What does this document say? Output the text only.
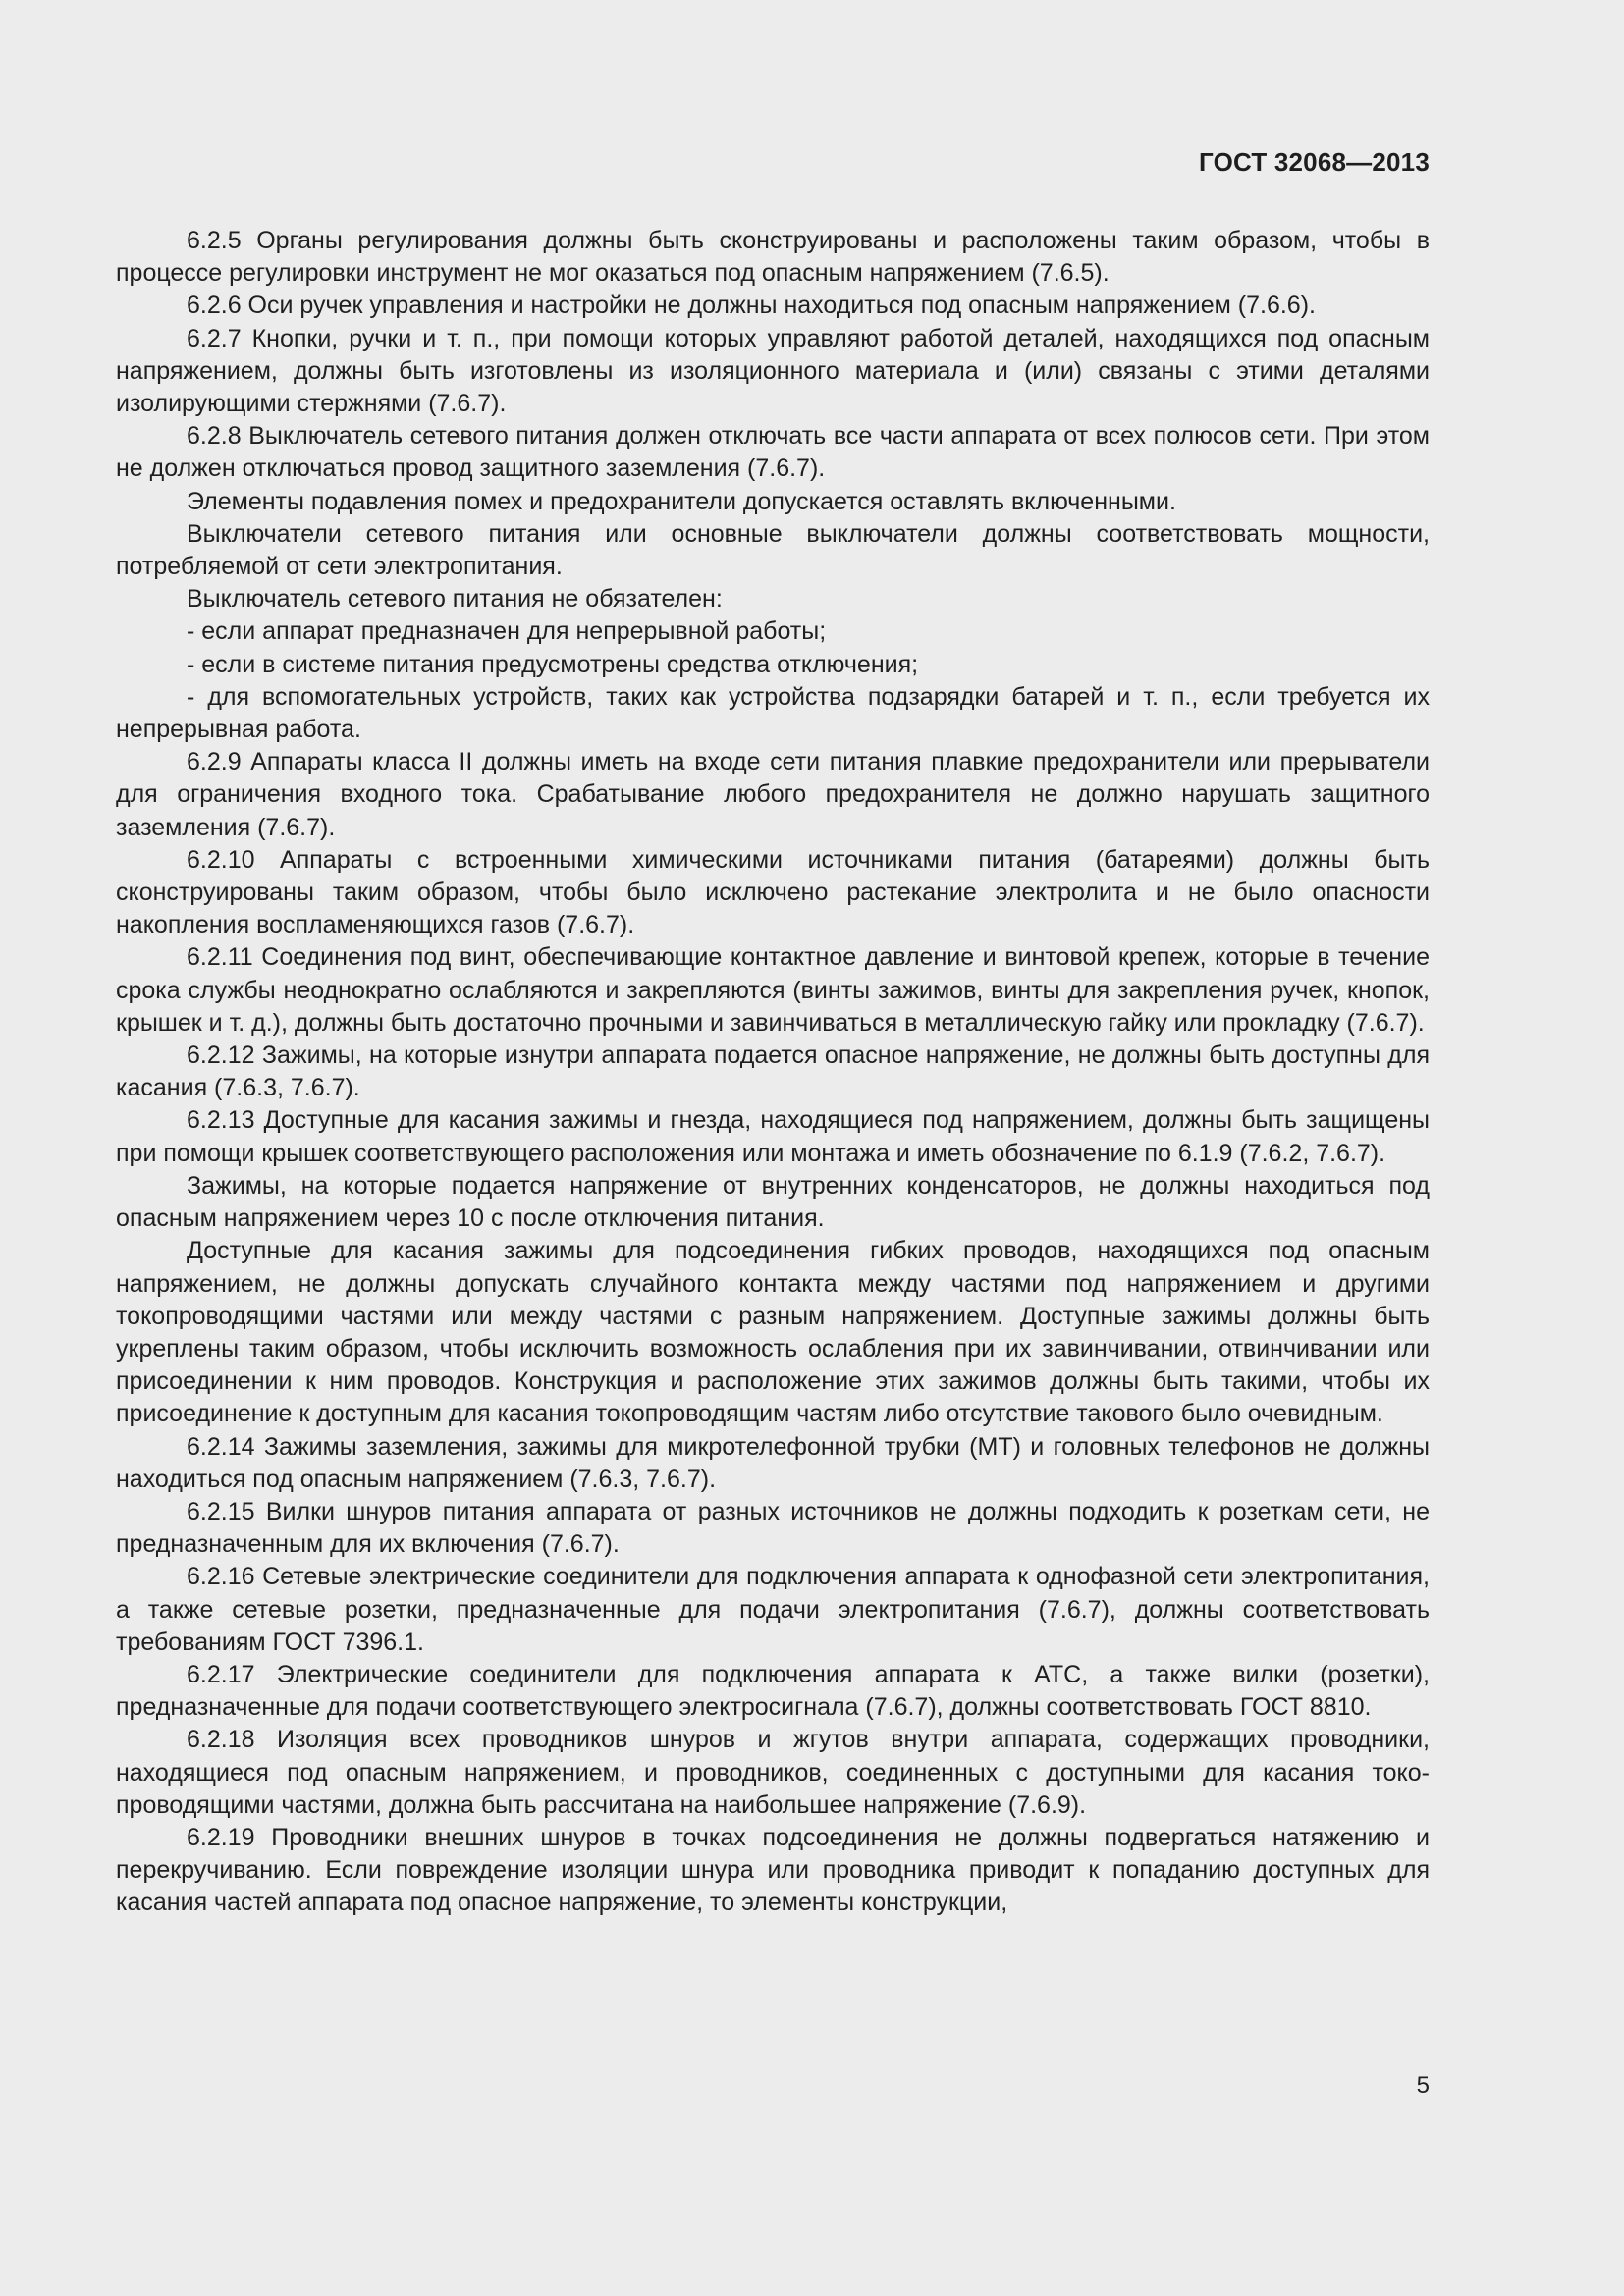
ГОСТ 32068—2013

6.2.5 Органы регулирования должны быть сконструированы и расположены таким образом, чтобы в процессе регулировки инструмент не мог оказаться под опасным напряжением (7.6.5).

6.2.6 Оси ручек управления и настройки не должны находиться под опасным напряжением (7.6.6).

6.2.7 Кнопки, ручки и т. п., при помощи которых управляют работой деталей, находящихся под опасным напряжением, должны быть изготовлены из изоляционного материала и (или) связаны с этими деталями изолирующими стержнями (7.6.7).

6.2.8 Выключатель сетевого питания должен отключать все части аппарата от всех полюсов сети. При этом не должен отключаться провод защитного заземления (7.6.7).

Элементы подавления помех и предохранители допускается оставлять включенными.

Выключатели сетевого питания или основные выключатели должны соответствовать мощности, потребляемой от сети электропитания.

Выключатель сетевого питания не обязателен:

- если аппарат предназначен для непрерывной работы;

- если в системе питания предусмотрены средства отключения;

- для вспомогательных устройств, таких как устройства подзарядки батарей и т. п., если требуется их непрерывная работа.

6.2.9 Аппараты класса II должны иметь на входе сети питания плавкие предохранители или прерыватели для ограничения входного тока. Срабатывание любого предохранителя не должно нарушать защитного заземления (7.6.7).

6.2.10 Аппараты с встроенными химическими источниками питания (батареями) должны быть сконструированы таким образом, чтобы было исключено растекание электролита и не было опасности накопления воспламеняющихся газов (7.6.7).

6.2.11 Соединения под винт, обеспечивающие контактное давление и винтовой крепеж, которые в течение срока службы неоднократно ослабляются и закрепляются (винты зажимов, винты для закрепления ручек, кнопок, крышек и т. д.), должны быть достаточно прочными и завинчиваться в металлическую гайку или прокладку (7.6.7).

6.2.12 Зажимы, на которые изнутри аппарата подается опасное напряжение, не должны быть доступны для касания (7.6.3, 7.6.7).

6.2.13 Доступные для касания зажимы и гнезда, находящиеся под напряжением, должны быть защищены при помощи крышек соответствующего расположения или монтажа и иметь обозначение по 6.1.9 (7.6.2, 7.6.7).

Зажимы, на которые подается напряжение от внутренних конденсаторов, не должны находиться под опасным напряжением через 10 с после отключения питания.

Доступные для касания зажимы для подсоединения гибких проводов, находящихся под опасным напряжением, не должны допускать случайного контакта между частями под напряжением и другими токопроводящими частями или между частями с разным напряжением. Доступные зажимы должны быть укреплены таким образом, чтобы исключить возможность ослабления при их завинчивании, отвинчивании или присоединении к ним проводов. Конструкция и расположение этих зажимов должны быть такими, чтобы их присоединение к доступным для касания токопроводящим частям либо отсутствие такового было очевидным.

6.2.14 Зажимы заземления, зажимы для микротелефонной трубки (МТ) и головных телефонов не должны находиться под опасным напряжением (7.6.3, 7.6.7).

6.2.15 Вилки шнуров питания аппарата от разных источников не должны подходить к розеткам сети, не предназначенным для их включения (7.6.7).

6.2.16 Сетевые электрические соединители для подключения аппарата к однофазной сети электропитания, а также сетевые розетки, предназначенные для подачи электропитания (7.6.7), должны соответствовать требованиям ГОСТ 7396.1.

6.2.17 Электрические соединители для подключения аппарата к АТС, а также вилки (розетки), предназначенные для подачи соответствующего электросигнала (7.6.7), должны соответствовать ГОСТ 8810.

6.2.18 Изоляция всех проводников шнуров и жгутов внутри аппарата, содержащих проводники, находящиеся под опасным напряжением, и проводников, соединенных с доступными для касания токопроводящими частями, должна быть рассчитана на наибольшее напряжение (7.6.9).

6.2.19 Проводники внешних шнуров в точках подсоединения не должны подвергаться натяжению и перекручиванию. Если повреждение изоляции шнура или проводника приводит к попаданию доступных для касания частей аппарата под опасное напряжение, то элементы конструкции,

5
